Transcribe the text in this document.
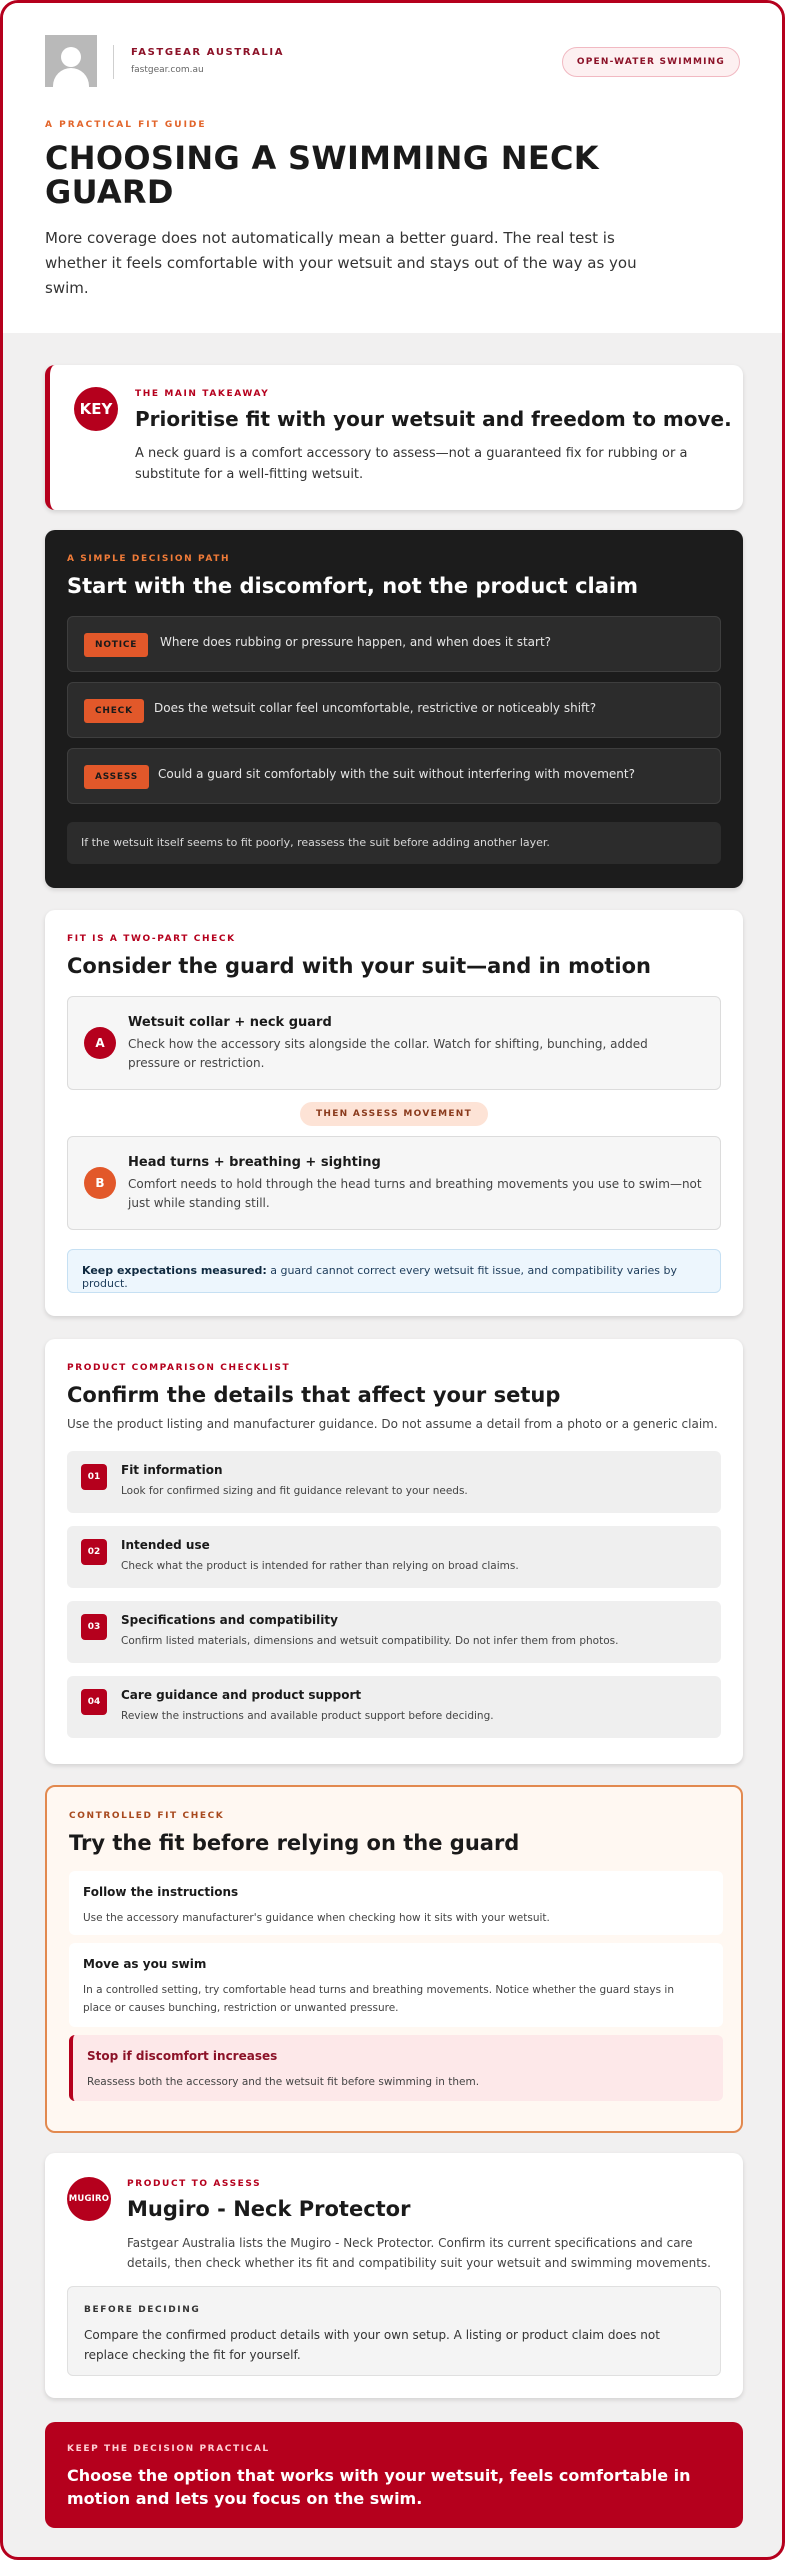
FASTGEAR AUSTRALIA
fastgear.com.au
OPEN-WATER SWIMMING
A PRACTICAL FIT GUIDE
CHOOSING A SWIMMING NECK GUARD
More coverage does not automatically mean a better guard. The real test is whether it feels comfortable with your wetsuit and stays out of the way as you swim.
KEY
THE MAIN TAKEAWAY
Prioritise fit with your wetsuit and freedom to move.
A neck guard is a comfort accessory to assess—not a guaranteed fix for rubbing or a substitute for a well-fitting wetsuit.
A SIMPLE DECISION PATH
Start with the discomfort, not the product claim
NOTICE	Where does rubbing or pressure happen, and when does it start?
CHECK	Does the wetsuit collar feel uncomfortable, restrictive or noticeably shift?
ASSESS	Could a guard sit comfortably with the suit without interfering with movement?
If the wetsuit itself seems to fit poorly, reassess the suit before adding another layer.
FIT IS A TWO-PART CHECK
Consider the guard with your suit—and in motion
A
Wetsuit collar + neck guard
Check how the accessory sits alongside the collar. Watch for shifting, bunching, added pressure or restriction.
THEN ASSESS MOVEMENT
B
Head turns + breathing + sighting
Comfort needs to hold through the head turns and breathing movements you use to swim—not just while standing still.
Keep expectations measured: a guard cannot correct every wetsuit fit issue, and compatibility varies by product.
PRODUCT COMPARISON CHECKLIST
Confirm the details that affect your setup
Use the product listing and manufacturer guidance. Do not assume a detail from a photo or a generic claim.
01	Fit information
Look for confirmed sizing and fit guidance relevant to your needs.
02	Intended use
Check what the product is intended for rather than relying on broad claims.
03	Specifications and compatibility
Confirm listed materials, dimensions and wetsuit compatibility. Do not infer them from photos.
04	Care guidance and product support
Review the instructions and available product support before deciding.
CONTROLLED FIT CHECK
Try the fit before relying on the guard
Follow the instructions
Use the accessory manufacturer's guidance when checking how it sits with your wetsuit.
Move as you swim
In a controlled setting, try comfortable head turns and breathing movements. Notice whether the guard stays in place or causes bunching, restriction or unwanted pressure.
Stop if discomfort increases
Reassess both the accessory and the wetsuit fit before swimming in them.
MUGIRO
PRODUCT TO ASSESS
Mugiro - Neck Protector
Fastgear Australia lists the Mugiro - Neck Protector. Confirm its current specifications and care details, then check whether its fit and compatibility suit your wetsuit and swimming movements.
BEFORE DECIDING
Compare the confirmed product details with your own setup. A listing or product claim does not replace checking the fit for yourself.
KEEP THE DECISION PRACTICAL
Choose the option that works with your wetsuit, feels comfortable in motion and lets you focus on the swim.
